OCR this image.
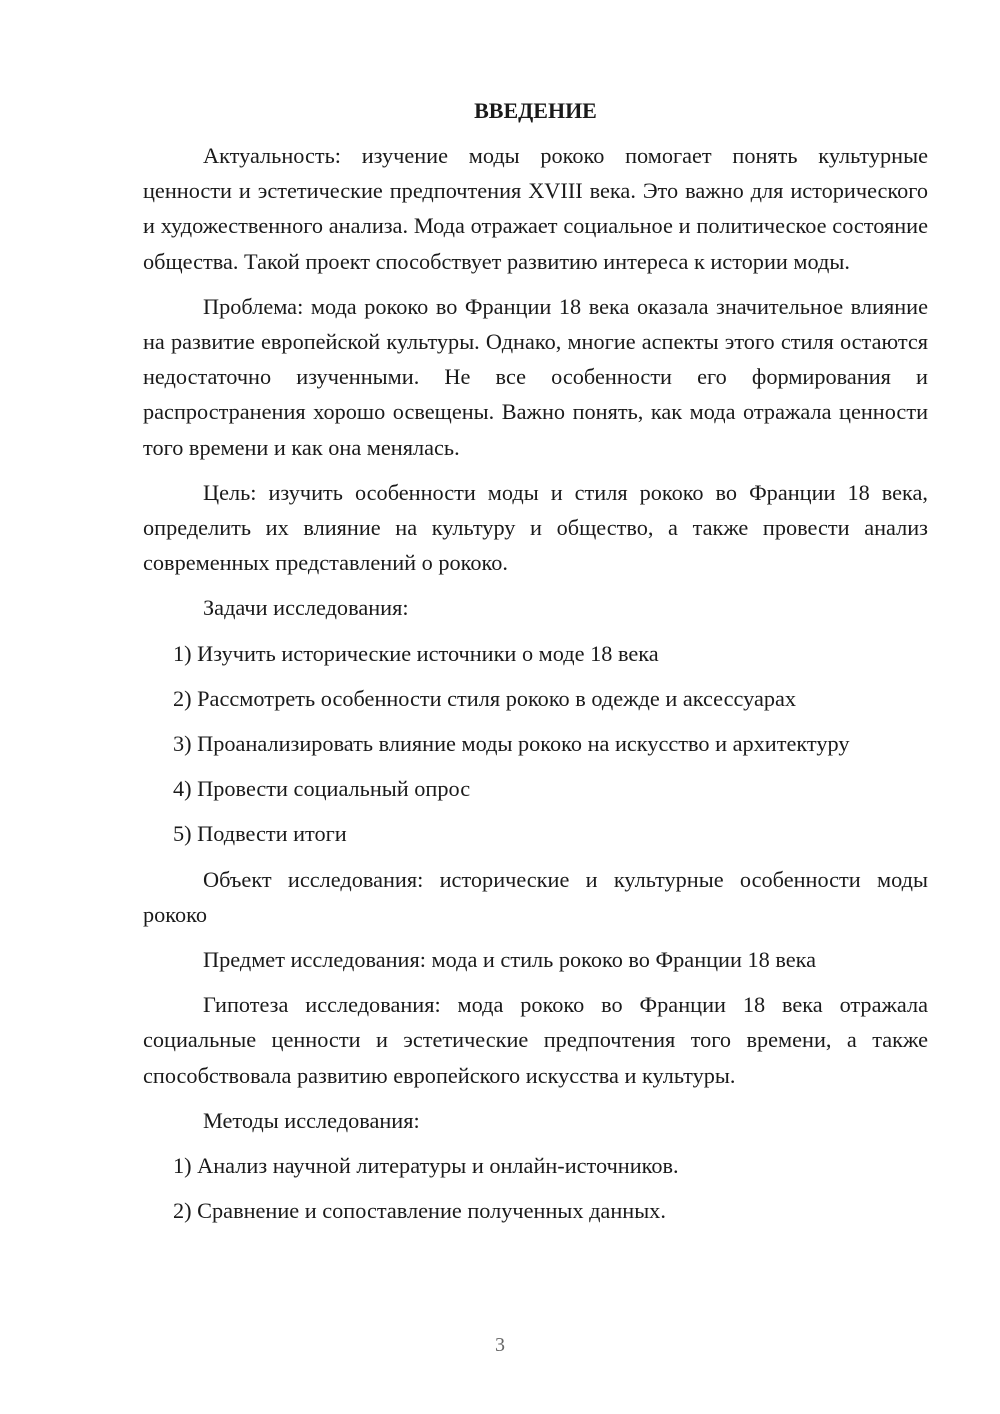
ВВЕДЕНИЕ
Актуальность: изучение моды рококо помогает понять культурные ценности и эстетические предпочтения XVIII века. Это важно для исторического и художественного анализа. Мода отражает социальное и политическое состояние общества. Такой проект способствует развитию интереса к истории моды.
Проблема: мода рококо во Франции 18 века оказала значительное влияние на развитие европейской культуры. Однако, многие аспекты этого стиля остаются недостаточно изученными. Не все особенности его формирования и распространения хорошо освещены. Важно понять, как мода отражала ценности того времени и как она менялась.
Цель: изучить особенности моды и стиля рококо во Франции 18 века, определить их влияние на культуру и общество, а также провести анализ современных представлений о рококо.
Задачи исследования:
1) Изучить исторические источники о моде 18 века
2) Рассмотреть особенности стиля рококо в одежде и аксессуарах
3) Проанализировать влияние моды рококо на искусство и архитектуру
4) Провести социальный опрос
5) Подвести итоги
Объект исследования: исторические и культурные особенности моды рококо
Предмет исследования: мода и стиль рококо во Франции 18 века
Гипотеза исследования: мода рококо во Франции 18 века отражала социальные ценности и эстетические предпочтения того времени, а также способствовала развитию европейского искусства и культуры.
Методы исследования:
1) Анализ научной литературы и онлайн-источников.
2) Сравнение и сопоставление полученных данных.
3
